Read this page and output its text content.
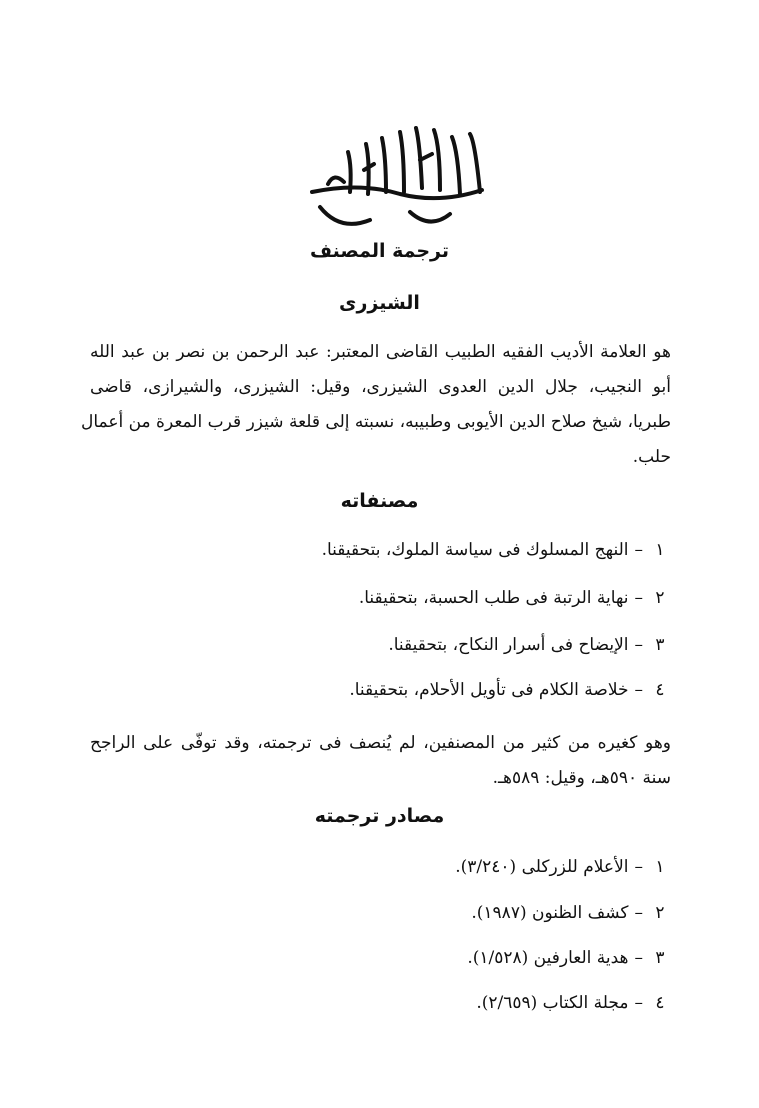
ترجمة المصنف
الشيزرى
هو العلامة الأديب الفقيه الطبيب القاضى المعتبر: عبد الرحمن بن نصر بن عبد الله
أبو النجيب، جلال الدين العدوى الشيزرى، وقيل: الشيزرى، والشيرازى، قاضى
طبريا، شيخ صلاح الدين الأيوبى وطبيبه، نسبته إلى قلعة شيزر قرب المعرة من أعمال
حلب.
مصنفاته
١–النهج المسلوك فى سياسة الملوك، بتحقيقنا.
٢–نهاية الرتبة فى طلب الحسبة، بتحقيقنا.
٣–الإيضاح فى أسرار النكاح، بتحقيقنا.
٤–خلاصة الكلام فى تأويل الأحلام، بتحقيقنا.
وهو كغيره من كثير من المصنفين، لم يُنصف فى ترجمته، وقد توفّى على الراجح
سنة ٥٩٠هـ، وقيل: ٥٨٩هـ.
مصادر ترجمته
١–الأعلام للزركلى (٣/٢٤٠).
٢–كشف الظنون (١٩٨٧).
٣–هدية العارفين (١/٥٢٨).
٤–مجلة الكتاب (٢/٦٥٩).
